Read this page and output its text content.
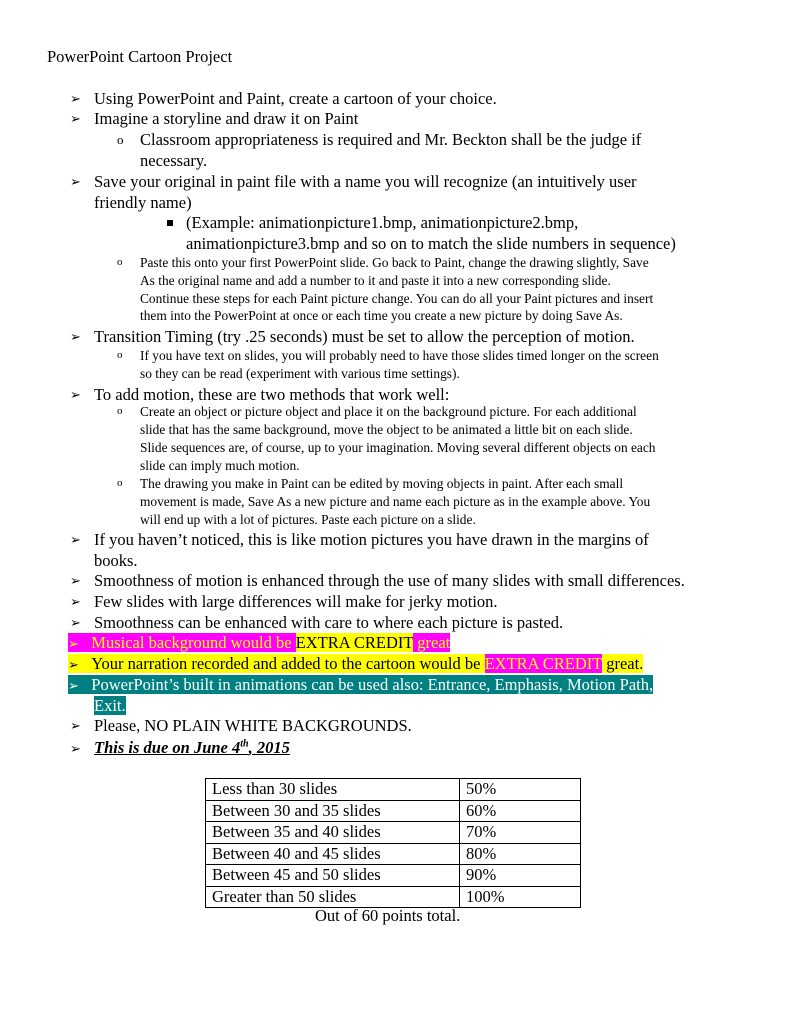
PowerPoint Cartoon Project
➢ Using PowerPoint and Paint, create a cartoon of your choice.
➢ Imagine a storyline and draw it on Paint
o Classroom appropriateness is required and Mr. Beckton shall be the judge if
necessary.
➢ Save your original in paint file with a name you will recognize (an intuitively user
friendly name)
(Example: animationpicture1.bmp, animationpicture2.bmp,
animationpicture3.bmp and so on to match the slide numbers in sequence)
o Paste this onto your first PowerPoint slide. Go back to Paint, change the drawing slightly, Save
As the original name and add a number to it and paste it into a new corresponding slide.
Continue these steps for each Paint picture change. You can do all your Paint pictures and insert
them into the PowerPoint at once or each time you create a new picture by doing Save As.
➢ Transition Timing (try .25 seconds) must be set to allow the perception of motion.
o If you have text on slides, you will probably need to have those slides timed longer on the screen
so they can be read (experiment with various time settings).
➢ To add motion, these are two methods that work well:
o Create an object or picture object and place it on the background picture. For each additional
slide that has the same background, move the object to be animated a little bit on each slide.
Slide sequences are, of course, up to your imagination. Moving several different objects on each
slide can imply much motion.
o The drawing you make in Paint can be edited by moving objects in paint. After each small
movement is made, Save As a new picture and name each picture as in the example above. You
will end up with a lot of pictures. Paste each picture on a slide.
➢ If you haven’t noticed, this is like motion pictures you have drawn in the margins of
books.
➢ Smoothness of motion is enhanced through the use of many slides with small differences.
➢ Few slides with large differences will make for jerky motion.
➢ Smoothness can be enhanced with care to where each picture is pasted.
➢ Musical background would be EXTRA CREDIT great
➢ Your narration recorded and added to the cartoon would be EXTRA CREDIT great.
➢ PowerPoint’s built in animations can be used also: Entrance, Emphasis, Motion Path,
Exit.
➢ Please, NO PLAIN WHITE BACKGROUNDS.
➢ This is due on June 4th, 2015
Less than 30 slides	50%
Between 30 and 35 slides	60%
Between 35 and 40 slides	70%
Between 40 and 45 slides	80%
Between 45 and 50 slides	90%
Greater than 50 slides	100%
Out of 60 points total.
